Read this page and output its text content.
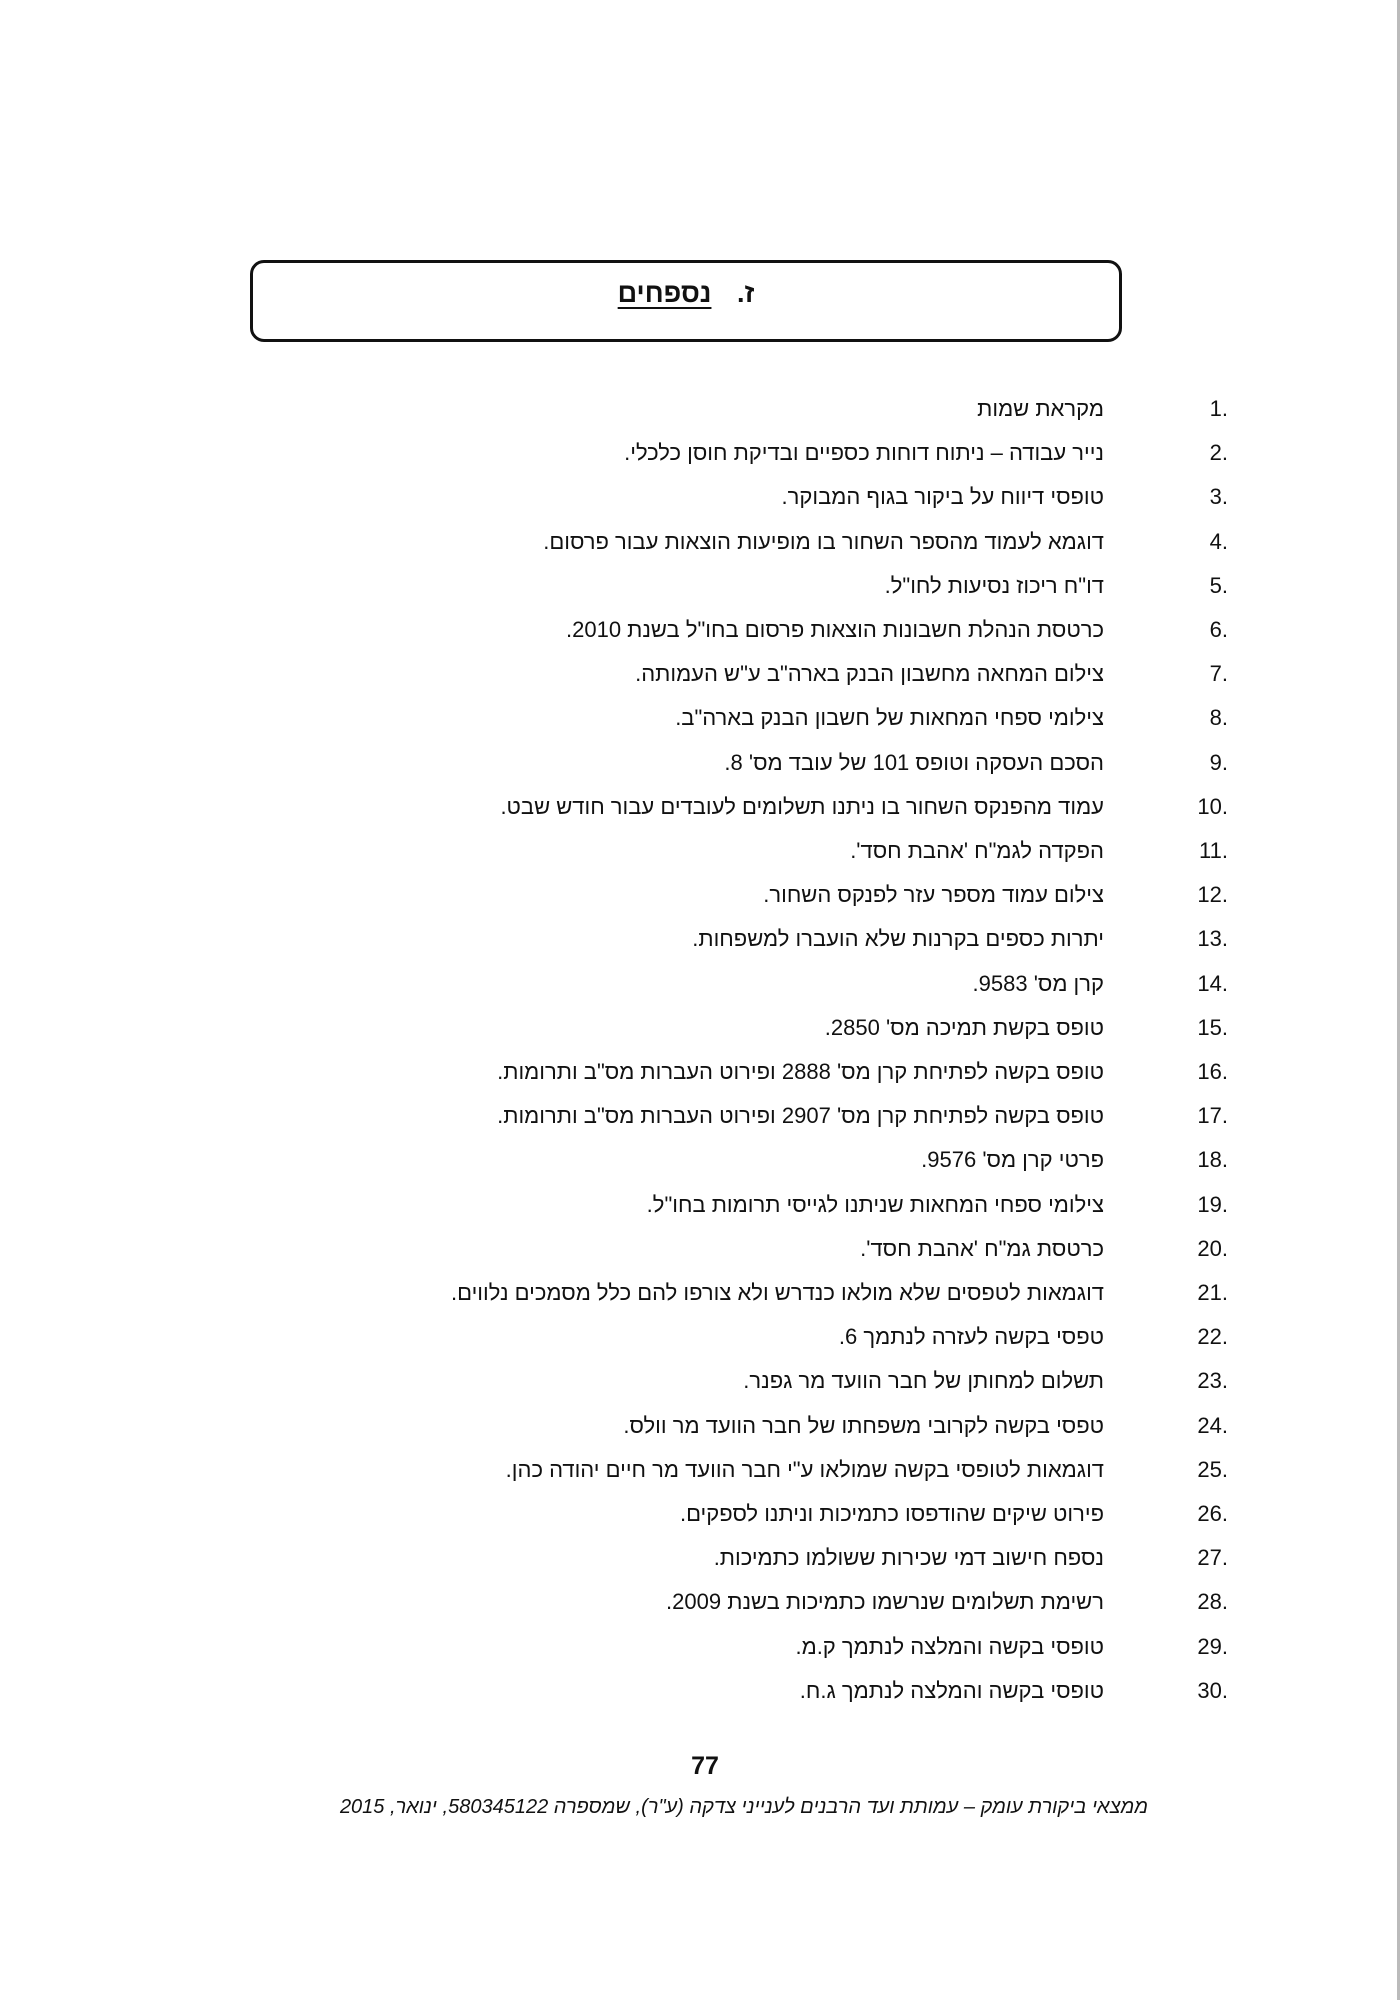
ז. נספחים
1.
מקראת שמות
2.
נייר עבודה – ניתוח דוחות כספיים ובדיקת חוסן כלכלי.
3.
טופסי דיווח על ביקור בגוף המבוקר.
4.
דוגמא לעמוד מהספר השחור בו מופיעות הוצאות עבור פרסום.
5.
דו"ח ריכוז נסיעות לחו"ל.
6.
כרטסת הנהלת חשבונות הוצאות פרסום בחו"ל בשנת 2010.
7.
צילום המחאה מחשבון הבנק בארה"ב ע"ש העמותה.
8.
צילומי ספחי המחאות של חשבון הבנק בארה"ב.
9.
הסכם העסקה וטופס 101 של עובד מס' 8.
10.
עמוד מהפנקס השחור בו ניתנו תשלומים לעובדים עבור חודש שבט.
11.
הפקדה לגמ"ח 'אהבת חסד'.
12.
צילום עמוד מספר עזר לפנקס השחור.
13.
יתרות כספים בקרנות שלא הועברו למשפחות.
14.
קרן מס' 9583.
15.
טופס בקשת תמיכה מס' 2850.
16.
טופס בקשה לפתיחת קרן מס' 2888 ופירוט העברות מס"ב ותרומות.
17.
טופס בקשה לפתיחת קרן מס' 2907 ופירוט העברות מס"ב ותרומות.
18.
פרטי קרן מס' 9576.
19.
צילומי ספחי המחאות שניתנו לגייסי תרומות בחו"ל.
20.
כרטסת גמ"ח 'אהבת חסד'.
21.
דוגמאות לטפסים שלא מולאו כנדרש ולא צורפו להם כלל מסמכים נלווים.
22.
טפסי בקשה לעזרה לנתמך 6.
23.
תשלום למחותן של חבר הוועד מר גפנר.
24.
טפסי בקשה לקרובי משפחתו של חבר הוועד מר וולס.
25.
דוגמאות לטופסי בקשה שמולאו ע"י חבר הוועד מר חיים יהודה כהן.
26.
פירוט שיקים שהודפסו כתמיכות וניתנו לספקים.
27.
נספח חישוב דמי שכירות ששולמו כתמיכות.
28.
רשימת תשלומים שנרשמו כתמיכות בשנת 2009.
29.
טופסי בקשה והמלצה לנתמך ק.מ.
30.
טופסי בקשה והמלצה לנתמך ג.ח.
77
ממצאי ביקורת עומק – עמותת ועד הרבנים לענייני צדקה (ע"ר), שמספרה 580345122, ינואר, 2015
